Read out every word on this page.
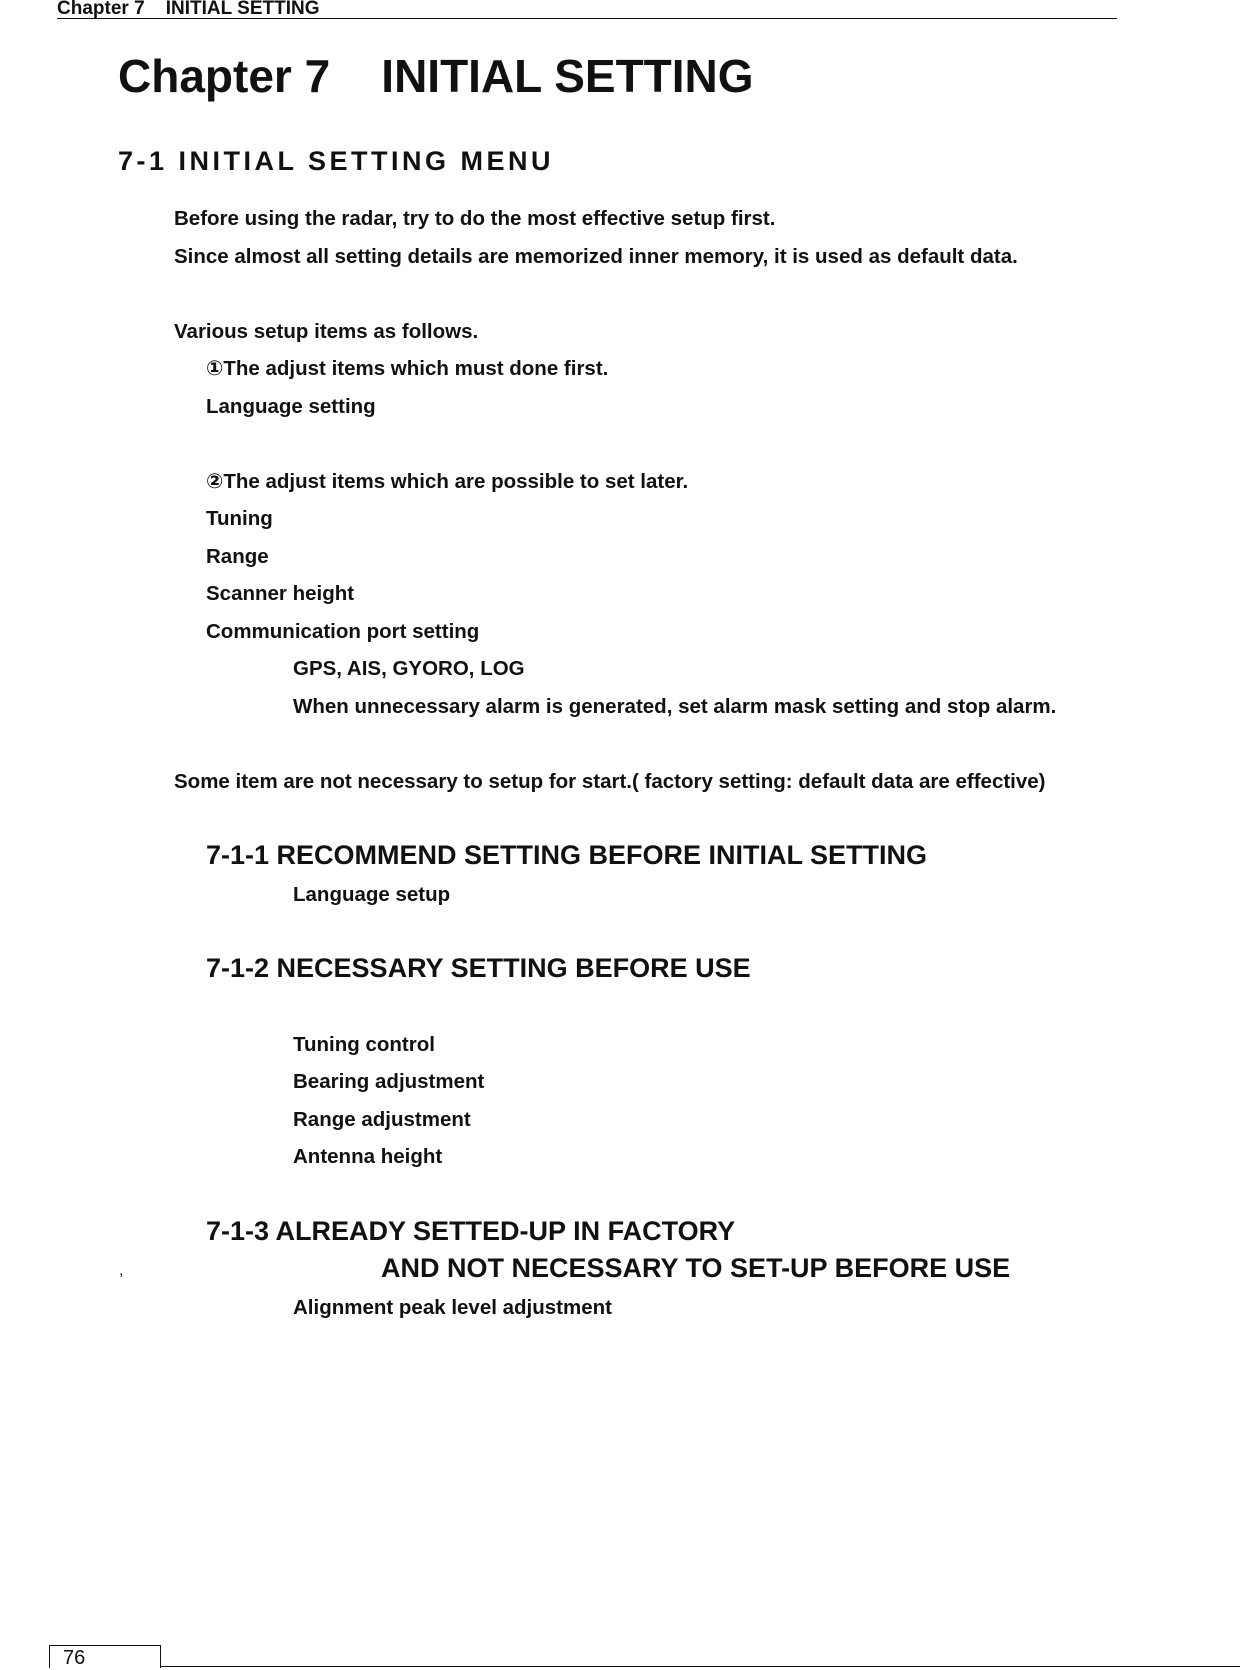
Chapter 7    INITIAL SETTING
Chapter 7    INITIAL SETTING
7-1 INITIAL SETTING MENU
Before using the radar, try to do the most effective setup first.
Since almost all setting details are memorized inner memory, it is used as default data.
Various setup items as follows.
①The adjust items which must done first.
Language setting
②The adjust items which are possible to set later.
Tuning
Range
Scanner height
Communication port setting
GPS, AIS, GYORO, LOG
When unnecessary alarm is generated, set alarm mask setting and stop alarm.
Some item are not necessary to setup for start.( factory setting: default data are effective)
7-1-1 RECOMMEND SETTING BEFORE INITIAL SETTING
Language setup
7-1-2 NECESSARY SETTING BEFORE USE
Tuning control
Bearing adjustment
Range adjustment
Antenna height
7-1-3 ALREADY SETTED-UP IN FACTORY
,	AND NOT NECESSARY TO SET-UP BEFORE USE
Alignment peak level adjustment
76
